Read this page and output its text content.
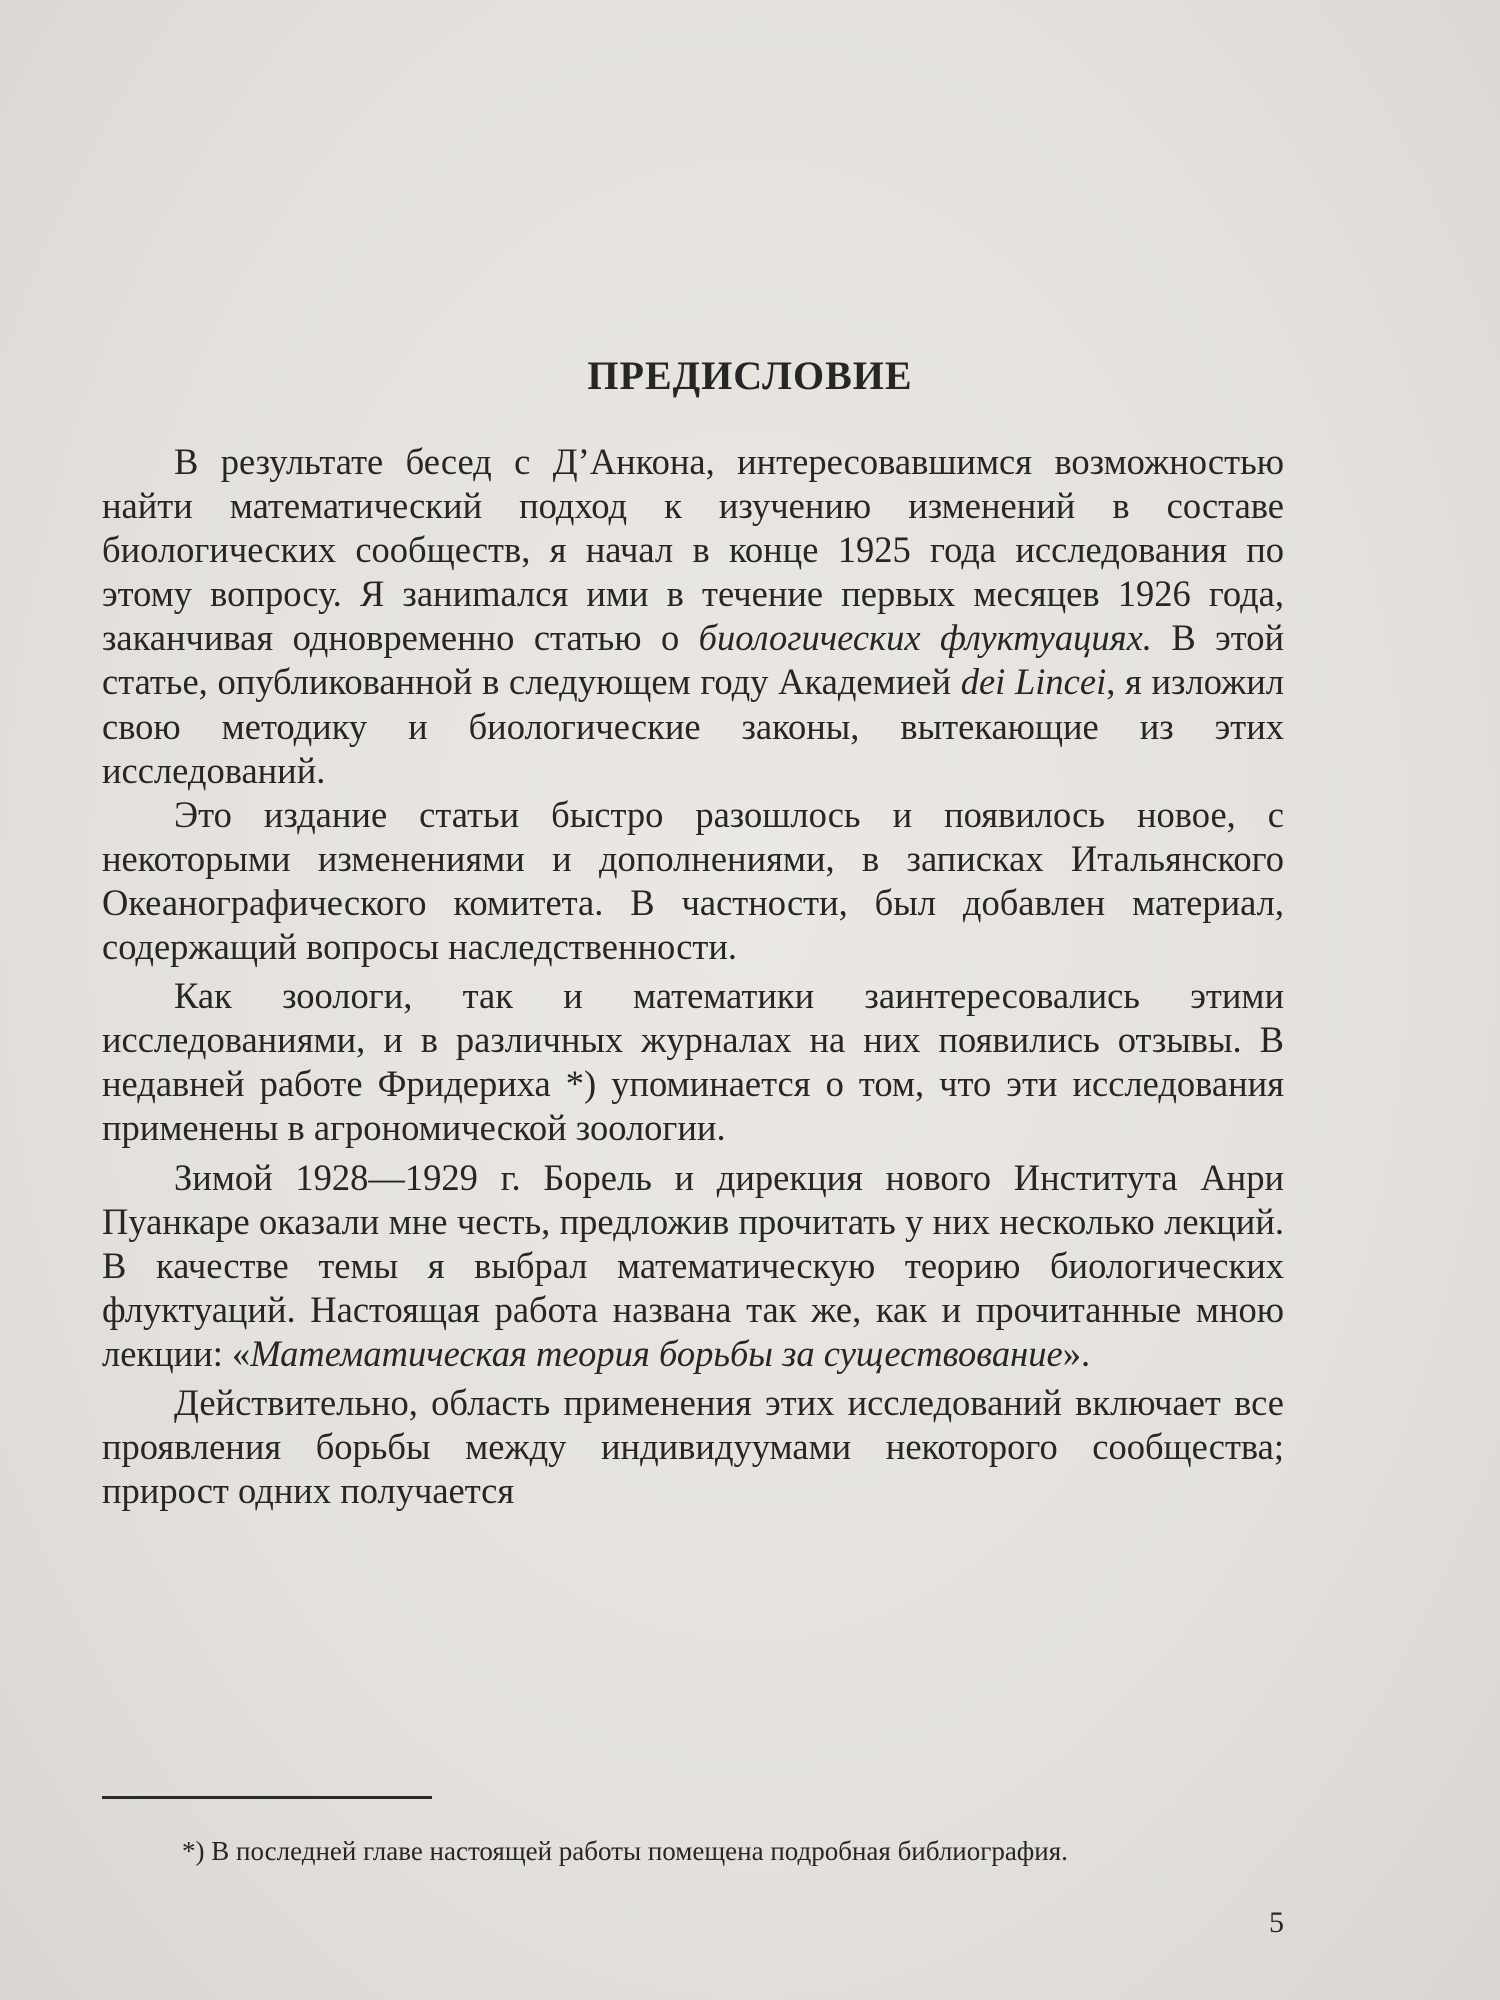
ПРЕДИСЛОВИЕ

В результате бесед с Д’Анкона, интересовавшимся возможностью найти математический подход к изучению изменений в составе биологических сообществ, я начал в конце 1925 года исследования по этому вопросу. Я заниmался ими в течение первых месяцев 1926 года, заканчивая одновременно статью о биологических флуктуациях. В этой статье, опубликованной в следующем году Академией dei Lincei, я изложил свою методику и биологические законы, вытекающие из этих исследований.

Это издание статьи быстро разошлось и появилось новое, с некоторыми изменениями и дополнениями, в записках Итальянского Океанографического комитета. В частности, был добавлен материал, содержащий вопросы наследственности.

Как зоологи, так и математики заинтересовались этими исследованиями, и в различных журналах на них появились отзывы. В недавней работе Фридериха *) упоминается о том, что эти исследования применены в агрономической зоологии.

Зимой 1928—1929 г. Борель и дирекция нового Института Анри Пуанкаре оказали мне честь, предложив прочитать у них несколько лекций. В качестве темы я выбрал математическую теорию биологических флуктуаций. Настоящая работа названа так же, как и прочитанные мною лекции: «Математическая теория борьбы за существование».

Действительно, область применения этих исследований включает все проявления борьбы между индивидуумами некоторого сообщества; прирост одних получается

*) В последней главе настоящей работы помещена подробная библиография.

5
